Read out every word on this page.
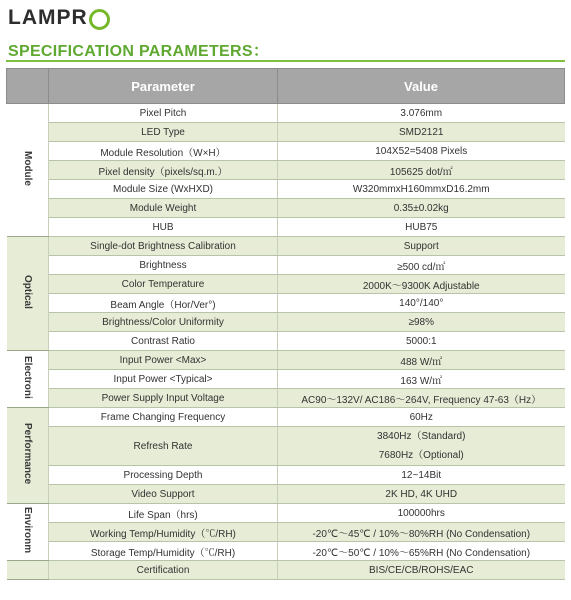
LAMPR
SPECIFICATION PARAMETERS：
	Parameter	Value
Module	Pixel Pitch	3.076mm
	LED Type	SMD2121
	Module Resolution（W×H）	104X52=5408 Pixels
	Pixel density（pixels/sq.m.）	105625 dot/㎡
	Module Size (WxHXD)	W320mmxH160mmxD16.2mm
	Module Weight	0.35±0.02kg
	HUB	HUB75
Optical	Single-dot Brightness Calibration	Support
	Brightness	≥500 cd/㎡
	Color Temperature	2000K～9300K Adjustable
	Beam Angle（Hor/Ver°)	140°/140°
	Brightness/Color Uniformity	≥98%
	Contrast Ratio	5000:1
Electroni	Input Power <Max>	488 W/㎡
	Input Power <Typical>	163 W/㎡
	Power Supply Input Voltage	AC90～132V/ AC186～264V, Frequency 47-63（Hz）
Performance	Frame Changing Frequency	60Hz
	Refresh Rate	3840Hz（Standard)
7680Hz（Optional)

	Processing Depth	12~14Bit
	Video Support	2K HD, 4K UHD
Environm	Life Span（hrs)	100000hrs
	Working Temp/Humidity（℃/RH)	-20℃～45℃ / 10%～80%RH (No Condensation)
	Storage Temp/Humidity（℃/RH)	-20℃～50℃ / 10%～65%RH (No Condensation)
	Certification	BIS/CE/CB/ROHS/EAC
